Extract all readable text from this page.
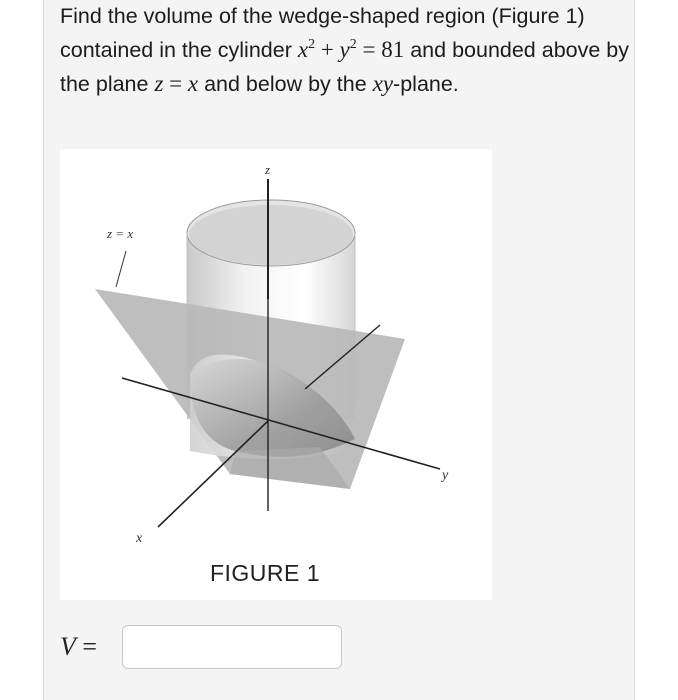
Find the volume of the wedge-shaped region (Figure 1) contained in the cylinder $x^2 + y^2 = 81$ and bounded above by the plane z = x and below by the xy-plane.

z
z = x
y
x
FIGURE 1
V =
